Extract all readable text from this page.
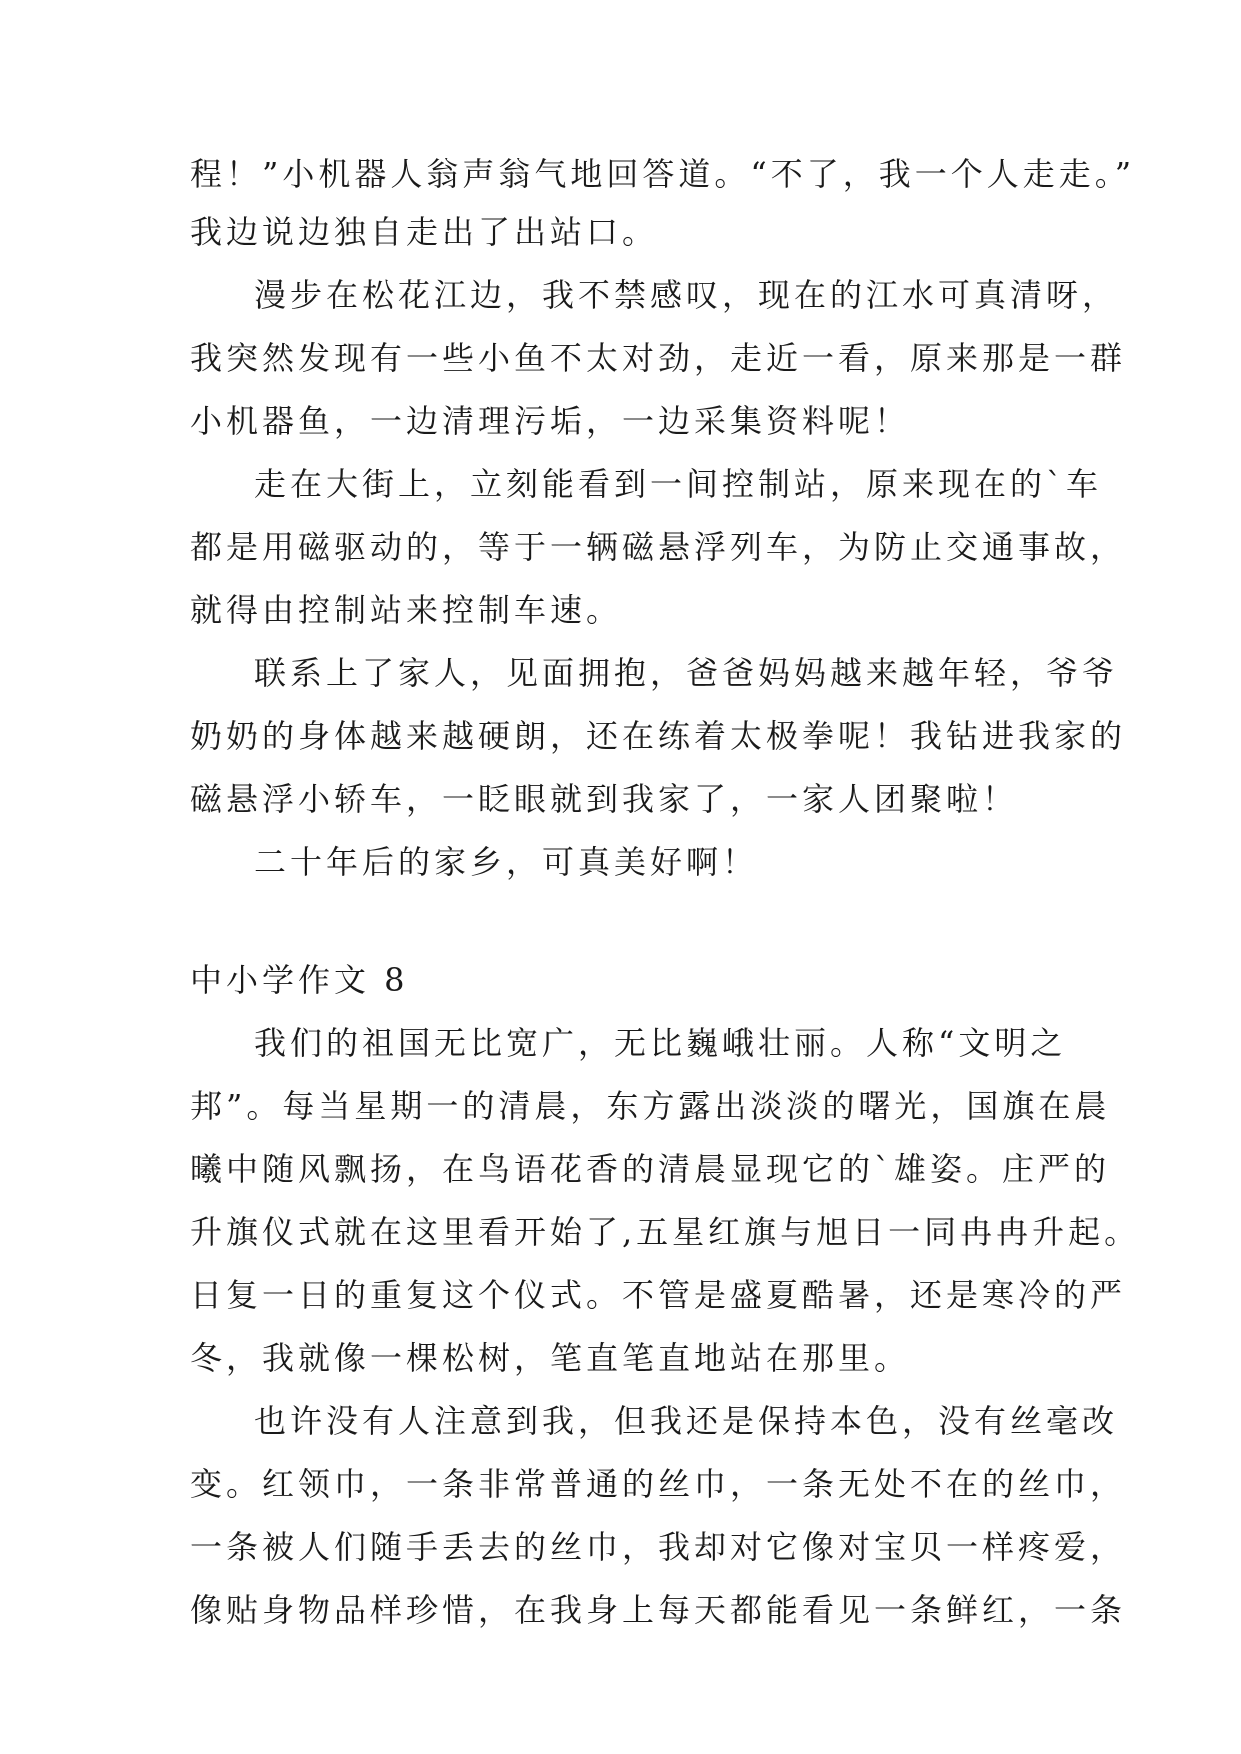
程！”小机器人翁声翁气地回答道。“不了，我一个人走走。”
我边说边独自走出了出站口。
漫步在松花江边，我不禁感叹，现在的江水可真清呀，
我突然发现有一些小鱼不太对劲，走近一看，原来那是一群
小机器鱼，一边清理污垢，一边采集资料呢！
走在大街上，立刻能看到一间控制站，原来现在的`车
都是用磁驱动的，等于一辆磁悬浮列车，为防止交通事故，
就得由控制站来控制车速。
联系上了家人，见面拥抱，爸爸妈妈越来越年轻，爷爷
奶奶的身体越来越硬朗，还在练着太极拳呢！我钻进我家的
磁悬浮小轿车，一眨眼就到我家了，一家人团聚啦！
二十年后的家乡，可真美好啊！
中小学作文 8
我们的祖国无比宽广，无比巍峨壮丽。人称“文明之
邦”。每当星期一的清晨，东方露出淡淡的曙光，国旗在晨
曦中随风飘扬，在鸟语花香的清晨显现它的`雄姿。庄严的
升旗仪式就在这里看开始了,五星红旗与旭日一同冉冉升起。
日复一日的重复这个仪式。不管是盛夏酷暑，还是寒冷的严
冬，我就像一棵松树，笔直笔直地站在那里。
也许没有人注意到我，但我还是保持本色，没有丝毫改
变。红领巾，一条非常普通的丝巾，一条无处不在的丝巾，
一条被人们随手丢去的丝巾，我却对它像对宝贝一样疼爱，
像贴身物品样珍惜，在我身上每天都能看见一条鲜红，一条
